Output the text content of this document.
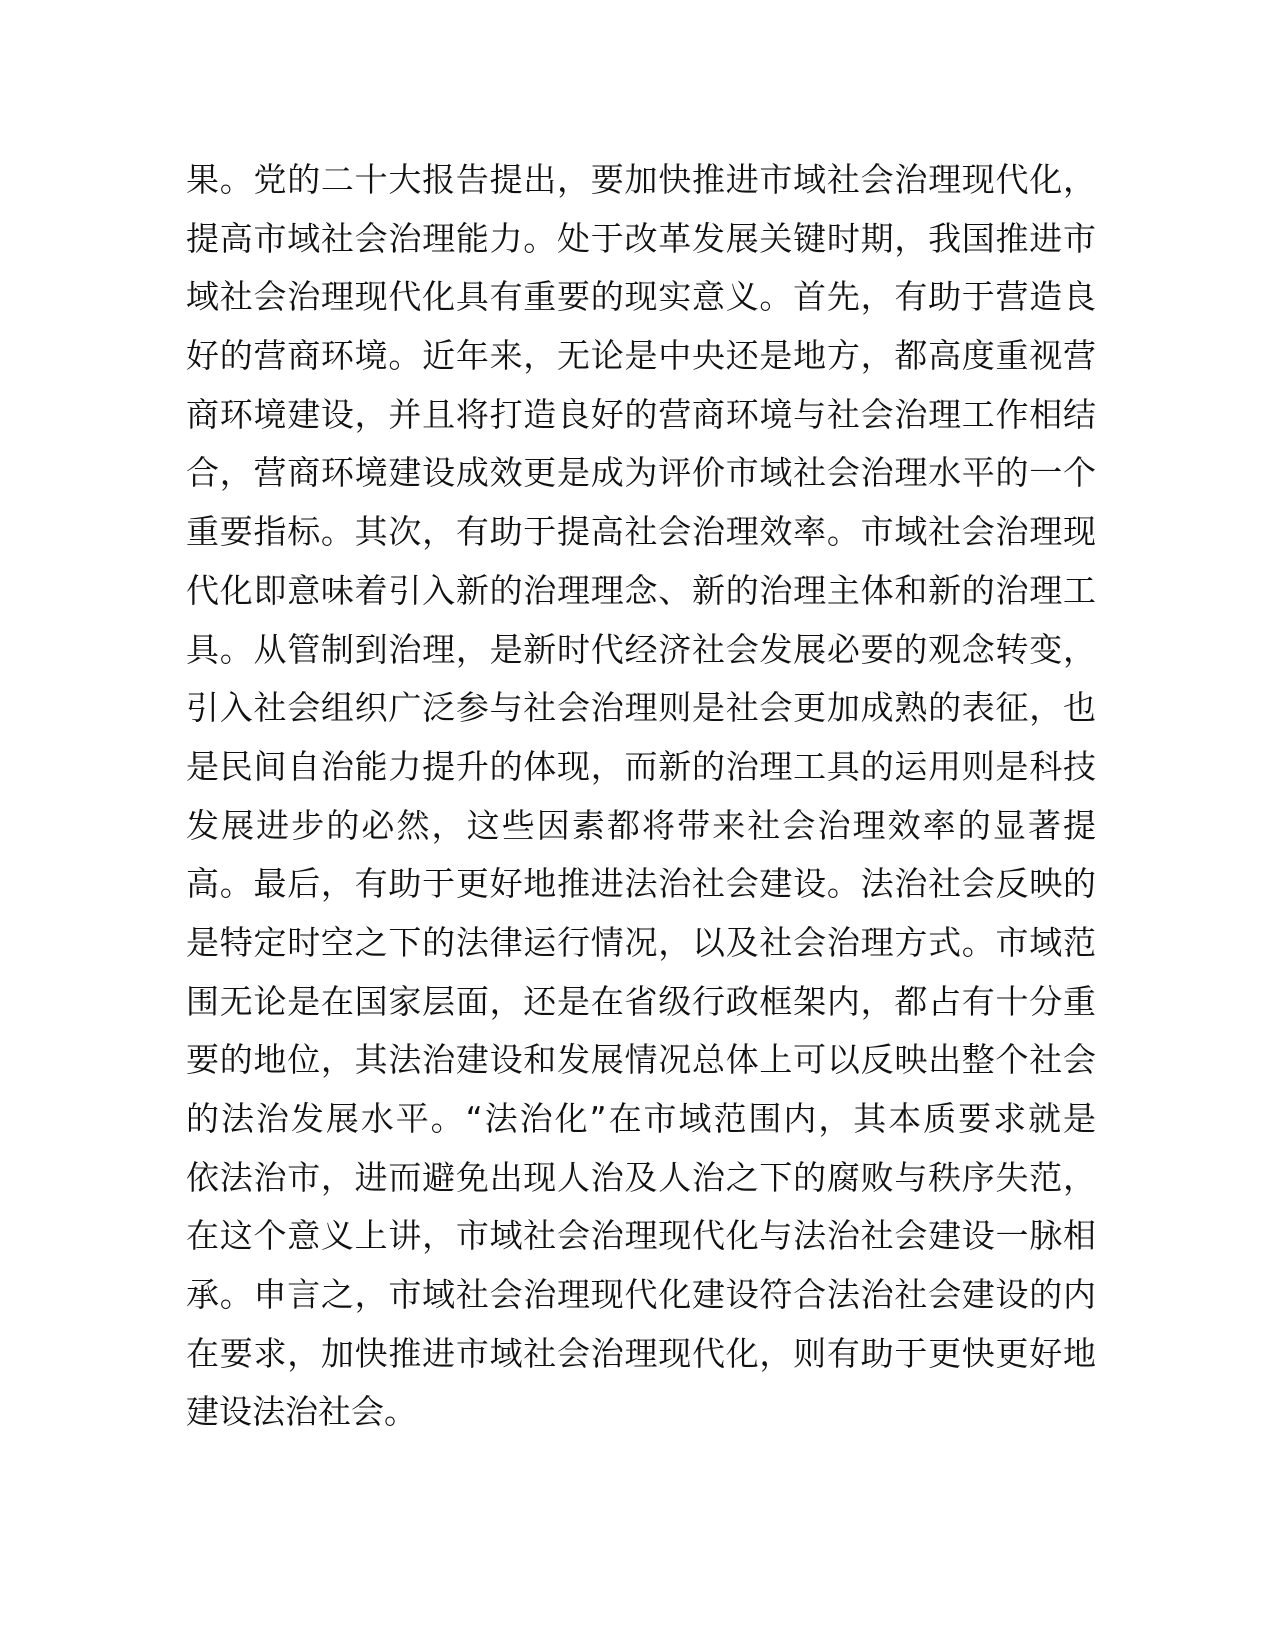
果。党的二十大报告提出，要加快推进市域社会治理现代化，
提高市域社会治理能力。处于改革发展关键时期，我国推进市
域社会治理现代化具有重要的现实意义。首先，有助于营造良
好的营商环境。近年来，无论是中央还是地方，都高度重视营
商环境建设，并且将打造良好的营商环境与社会治理工作相结
合，营商环境建设成效更是成为评价市域社会治理水平的一个
重要指标。其次，有助于提高社会治理效率。市域社会治理现
代化即意味着引入新的治理理念、新的治理主体和新的治理工
具。从管制到治理，是新时代经济社会发展必要的观念转变，
引入社会组织广泛参与社会治理则是社会更加成熟的表征，也
是民间自治能力提升的体现，而新的治理工具的运用则是科技
发展进步的必然，这些因素都将带来社会治理效率的显著提
高。最后，有助于更好地推进法治社会建设。法治社会反映的
是特定时空之下的法律运行情况，以及社会治理方式。市域范
围无论是在国家层面，还是在省级行政框架内，都占有十分重
要的地位，其法治建设和发展情况总体上可以反映出整个社会
的法治发展水平。“法治化”在市域范围内，其本质要求就是
依法治市，进而避免出现人治及人治之下的腐败与秩序失范，
在这个意义上讲，市域社会治理现代化与法治社会建设一脉相
承。申言之，市域社会治理现代化建设符合法治社会建设的内
在要求，加快推进市域社会治理现代化，则有助于更快更好地
建设法治社会。
